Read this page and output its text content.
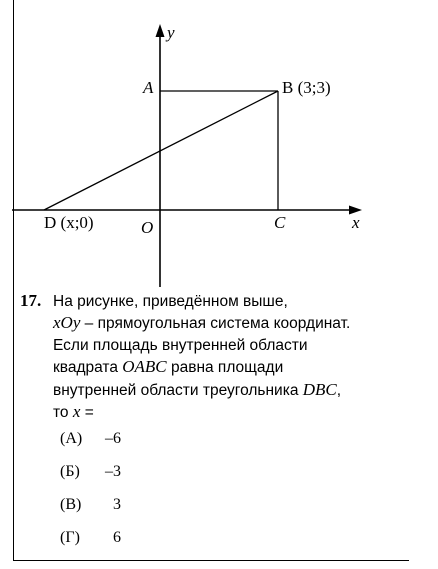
y
x
A	B (3;3)
C
O
D (x;0)
17. На рисунке, приведённом выше,
xOy – прямоугольная система координат.
Если площадь внутренней области
квадрата OABC равна площади
внутренней области треугольника DBC,
то x =
(А)	–6
(Б)	–3
(В)	3
(Г)	6
